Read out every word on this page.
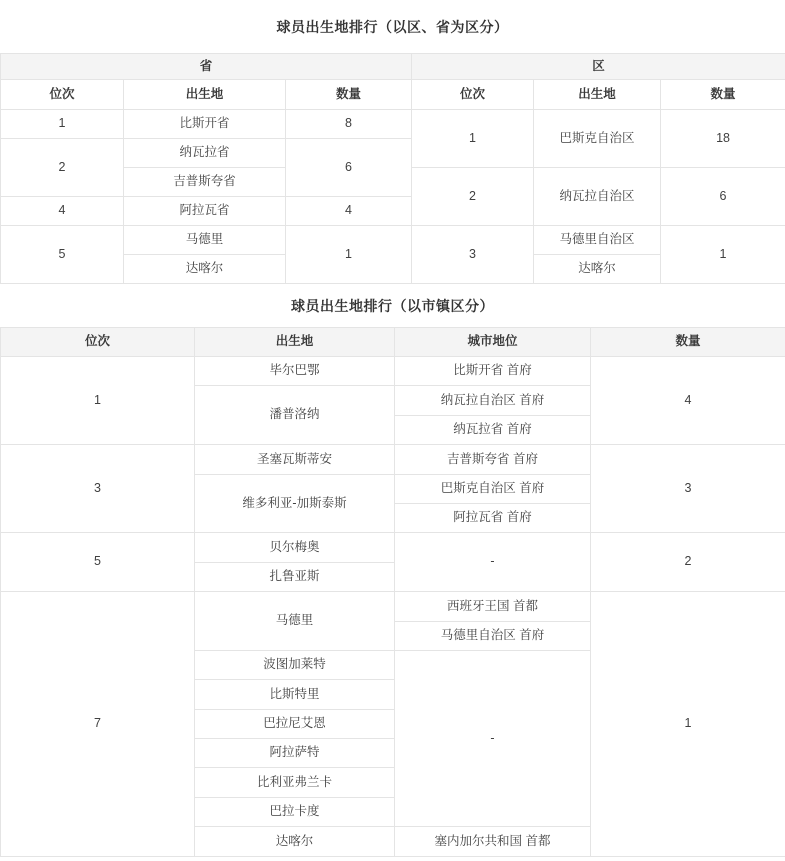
球员出生地排行（以区、省为区分）
省			区		
位次	出生地	数量	位次	出生地	数量
1	比斯开省	8	1	巴斯克自治区	18
2	纳瓦拉省	6			
	吉普斯夸省		2	纳瓦拉自治区	6
4	阿拉瓦省	4			
5	马德里	1	3	马德里自治区	1
	达喀尔			达喀尔	
球员出生地排行（以市镇区分）
位次	出生地	城市地位	数量
1	毕尔巴鄂	比斯开省 首府	4
	潘普洛纳	纳瓦拉自治区 首府	
		纳瓦拉省 首府	
3	圣塞瓦斯蒂安	吉普斯夸省 首府	3
	维多利亚-加斯泰斯	巴斯克自治区 首府	
		阿拉瓦省 首府	
5	贝尔梅奥	-	2
	扎鲁亚斯		
7	马德里	西班牙王国 首都	1
		马德里自治区 首府	
	波图加莱特	-	
	比斯特里		
	巴拉尼艾恩		
	阿拉萨特		
	比利亚弗兰卡		
	巴拉卡度		
	达喀尔	塞内加尔共和国 首都	
